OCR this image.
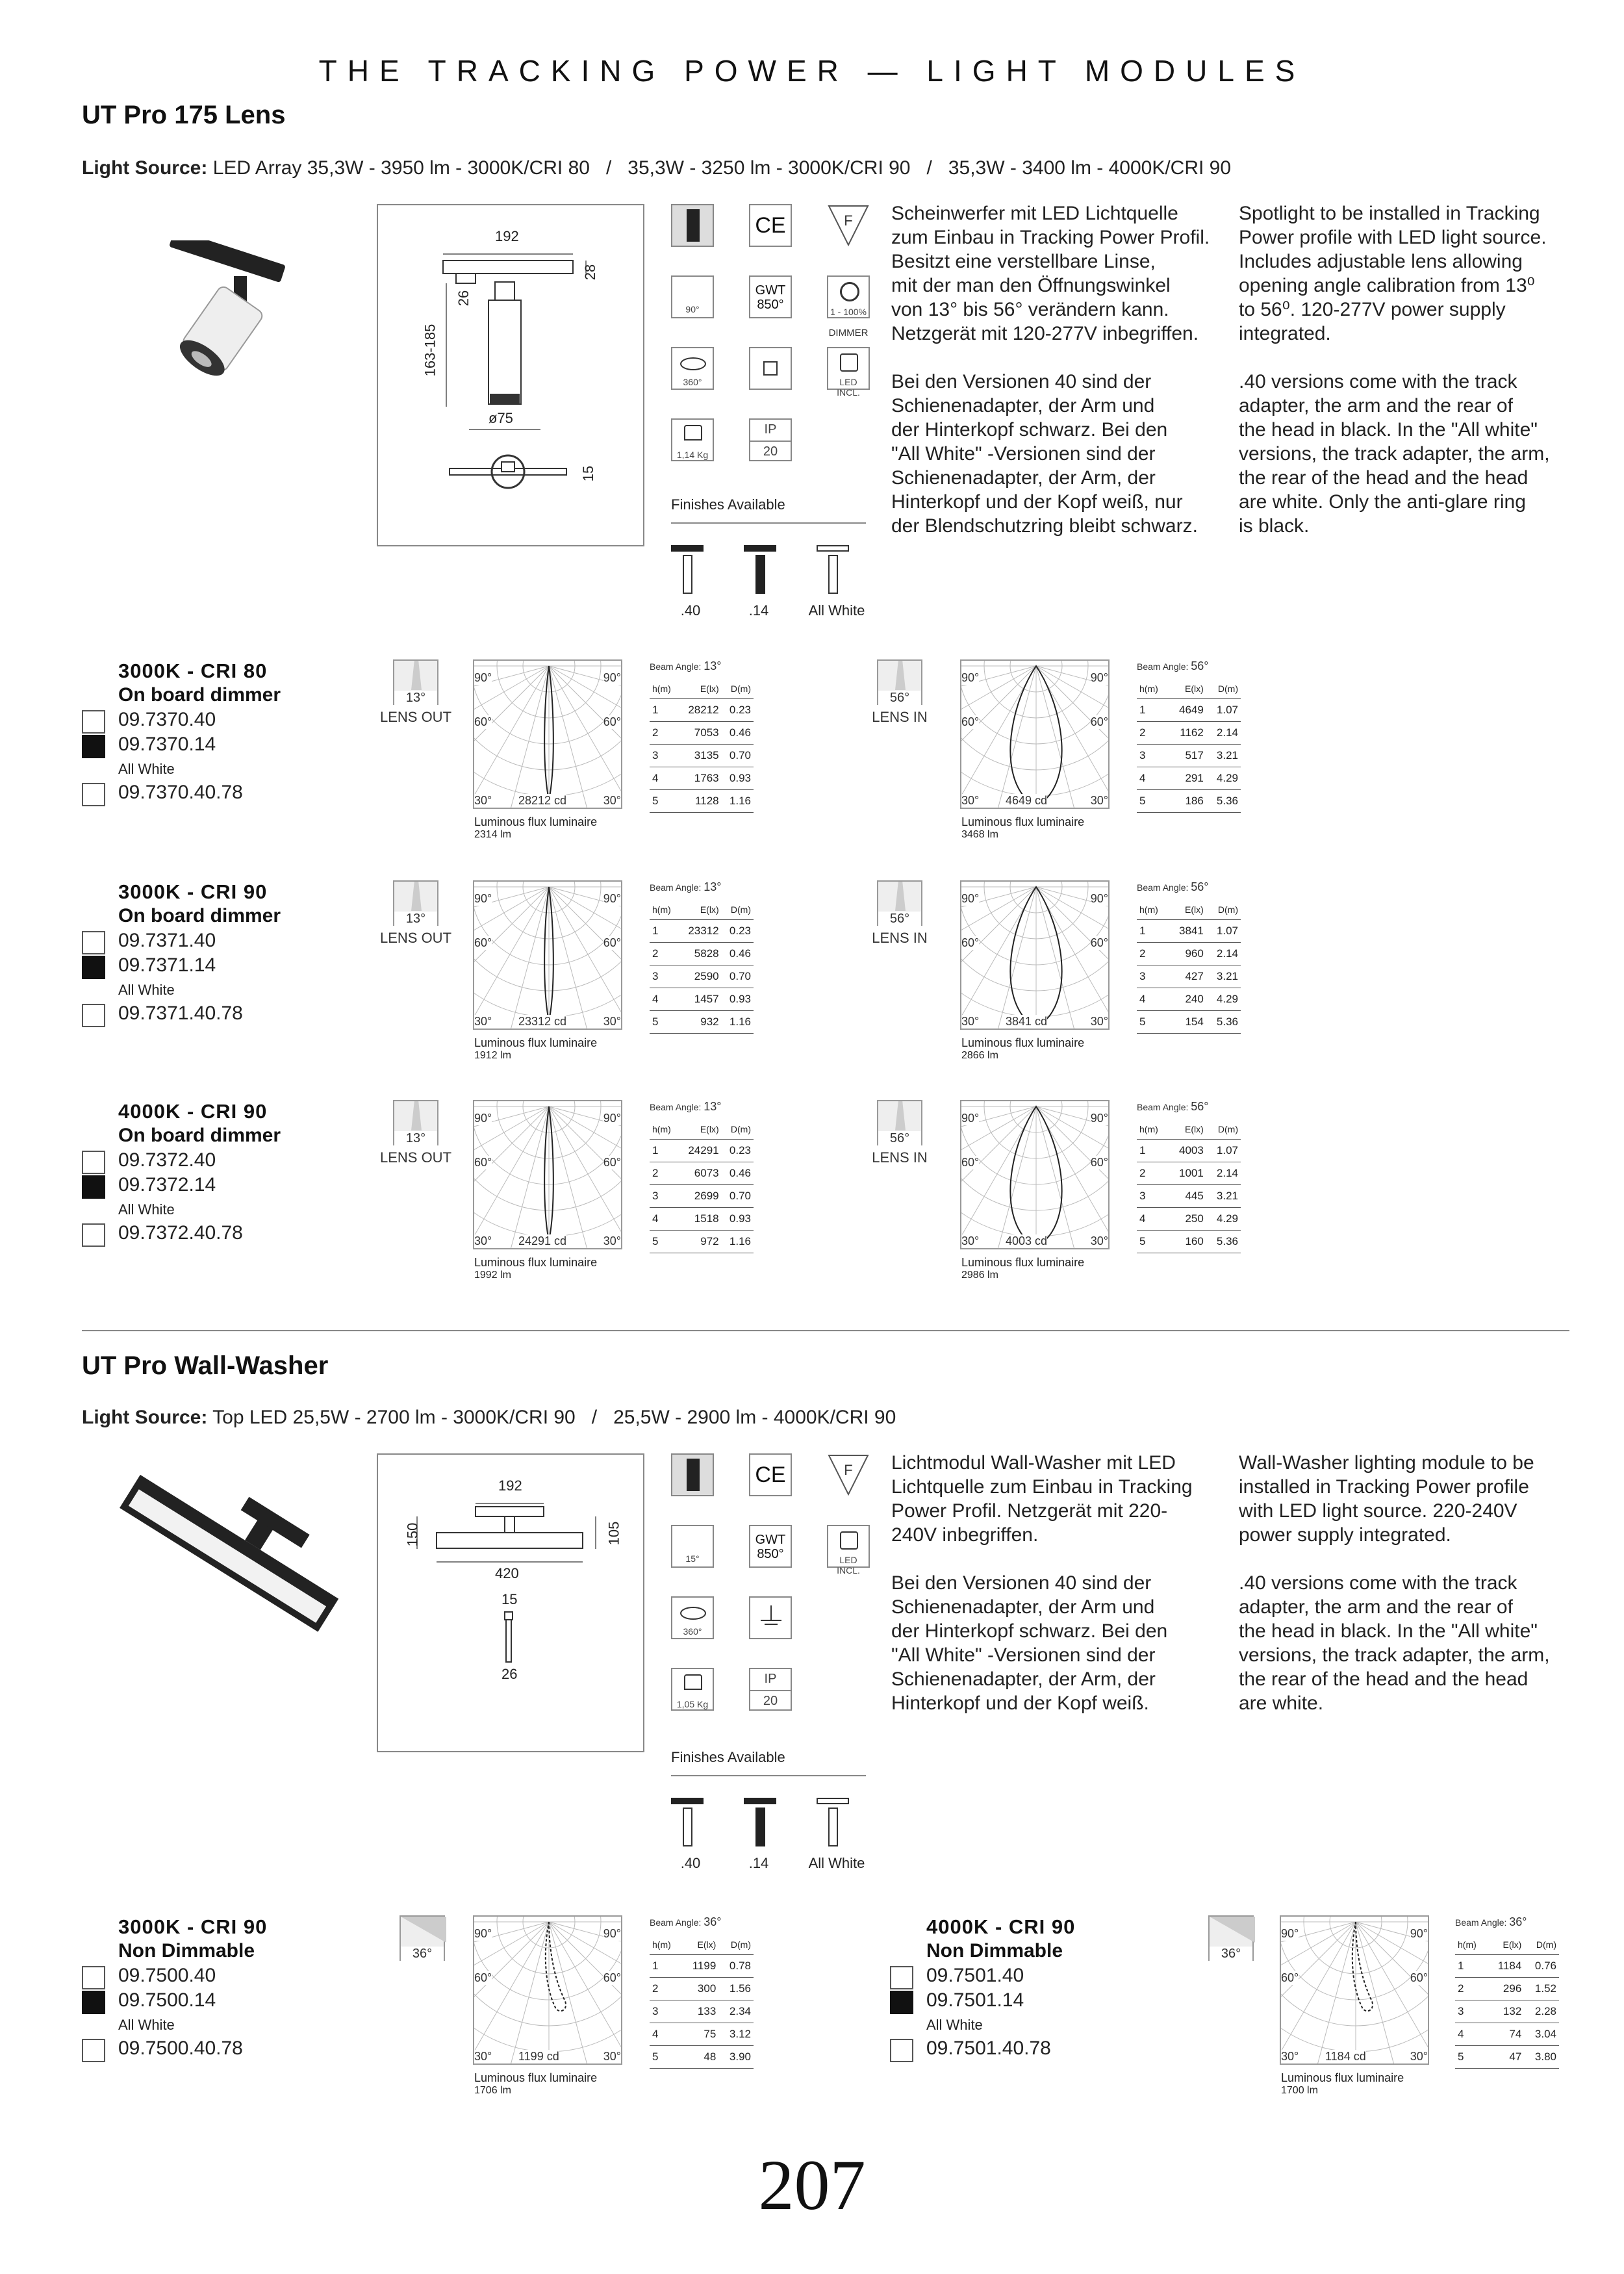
THE TRACKING POWER — LIGHT MODULES
UT Pro 175 Lens
Light Source: LED Array 35,3W - 3950 lm - 3000K/CRI 80   /   35,3W - 3250 lm - 3000K/CRI 90   /   35,3W - 3400 lm - 4000K/CRI 90
192
28
26
163-185
ø75
15
CE	F
90°
GWT
850°	1 - 100%
DIMMER
360°	LED INCL.
1,14 Kg
IP
20
Finishes Available
.40	.14	All White
Scheinwerfer mit LED Lichtquelle
zum Einbau in Tracking Power Profil.
Besitzt eine verstellbare Linse,
mit der man den Öffnungswinkel
von 13° bis 56° verändern kann.
Netzgerät mit 120-277V inbegriffen.

Bei den Versionen 40 sind der
Schienenadapter, der Arm und
der Hinterkopf schwarz. Bei den
"All White" -Versionen sind der
Schienenadapter, der Arm, der
Hinterkopf und der Kopf weiß, nur
der Blendschutzring bleibt schwarz.
Spotlight to be installed in Tracking
Power profile with LED light source.
Includes adjustable lens allowing
opening angle calibration from 13⁰
to 56⁰. 120-277V power supply
integrated.

.40 versions come with the track
adapter, the arm and the rear of
the head in black. In the "All white"
versions, the track adapter, the arm,
the rear of the head and the head
are white. Only the anti-glare ring
is black.
3000K - CRI 80
On board dimmer
09.7370.40
09.7370.14
All White
09.7370.40.78
13°
LENS OUT
90°	90°
60°	60°
30°	30°
28212 cd
Luminous flux luminaire
2314 lm
Beam Angle: 13°
h(m)	E(lx)	D(m)
1	28212	0.23
2	7053	0.46
3	3135	0.70
4	1763	0.93
5	1128	1.16
56°
LENS IN
90°	90°
60°	60°
30°	30°
4649 cd
Luminous flux luminaire
3468 lm
Beam Angle: 56°
h(m)	E(lx)	D(m)
1	4649	1.07
2	1162	2.14
3	517	3.21
4	291	4.29
5	186	5.36
3000K - CRI 90
On board dimmer
09.7371.40
09.7371.14
All White
09.7371.40.78
13°
LENS OUT
90°	90°
60°	60°
30°	30°
23312 cd
Luminous flux luminaire
1912 lm
Beam Angle: 13°
h(m)	E(lx)	D(m)
1	23312	0.23
2	5828	0.46
3	2590	0.70
4	1457	0.93
5	932	1.16
56°
LENS IN
90°	90°
60°	60°
30°	30°
3841 cd
Luminous flux luminaire
2866 lm
Beam Angle: 56°
h(m)	E(lx)	D(m)
1	3841	1.07
2	960	2.14
3	427	3.21
4	240	4.29
5	154	5.36
4000K - CRI 90
On board dimmer
09.7372.40
09.7372.14
All White
09.7372.40.78
13°
LENS OUT
90°	90°
60°	60°
30°	30°
24291 cd
Luminous flux luminaire
1992 lm
Beam Angle: 13°
h(m)	E(lx)	D(m)
1	24291	0.23
2	6073	0.46
3	2699	0.70
4	1518	0.93
5	972	1.16
56°
LENS IN
90°	90°
60°	60°
30°	30°
4003 cd
Luminous flux luminaire
2986 lm
Beam Angle: 56°
h(m)	E(lx)	D(m)
1	4003	1.07
2	1001	2.14
3	445	3.21
4	250	4.29
5	160	5.36
UT Pro Wall-Washer
Light Source: Top LED 25,5W - 2700 lm - 3000K/CRI 90   /   25,5W - 2900 lm - 4000K/CRI 90
192
150	105
420
15
26
CE	F
15°
GWT
850°	LED INCL.
360°
1,05 Kg
IP
20
Finishes Available
.40	.14	All White
Lichtmodul Wall-Washer mit LED
Lichtquelle zum Einbau in Tracking
Power Profil. Netzgerät mit 220-
240V inbegriffen.

Bei den Versionen 40 sind der
Schienenadapter, der Arm und
der Hinterkopf schwarz. Bei den
"All White" -Versionen sind der
Schienenadapter, der Arm, der
Hinterkopf und der Kopf weiß.
Wall-Washer lighting module to be
installed in Tracking Power profile
with LED light source. 220-240V
power supply integrated.

.40 versions come with the track
adapter, the arm and the rear of
the head in black. In the "All white"
versions, the track adapter, the arm,
the rear of the head and the head
are white.
3000K - CRI 90
Non Dimmable
09.7500.40
09.7500.14
All White
09.7500.40.78
36°
90°	90°
60°	60°
30°	30°
1199 cd
Luminous flux luminaire
1706 lm
Beam Angle: 36°
h(m)	E(lx)	D(m)
1	1199	0.78
2	300	1.56
3	133	2.34
4	75	3.12
5	48	3.90
4000K - CRI 90
Non Dimmable
09.7501.40
09.7501.14
All White
09.7501.40.78
36°
90°	90°
60°	60°
30°	30°
1184 cd
Luminous flux luminaire
1700 lm
Beam Angle: 36°
h(m)	E(lx)	D(m)
1	1184	0.76
2	296	1.52
3	132	2.28
4	74	3.04
5	47	3.80
207
